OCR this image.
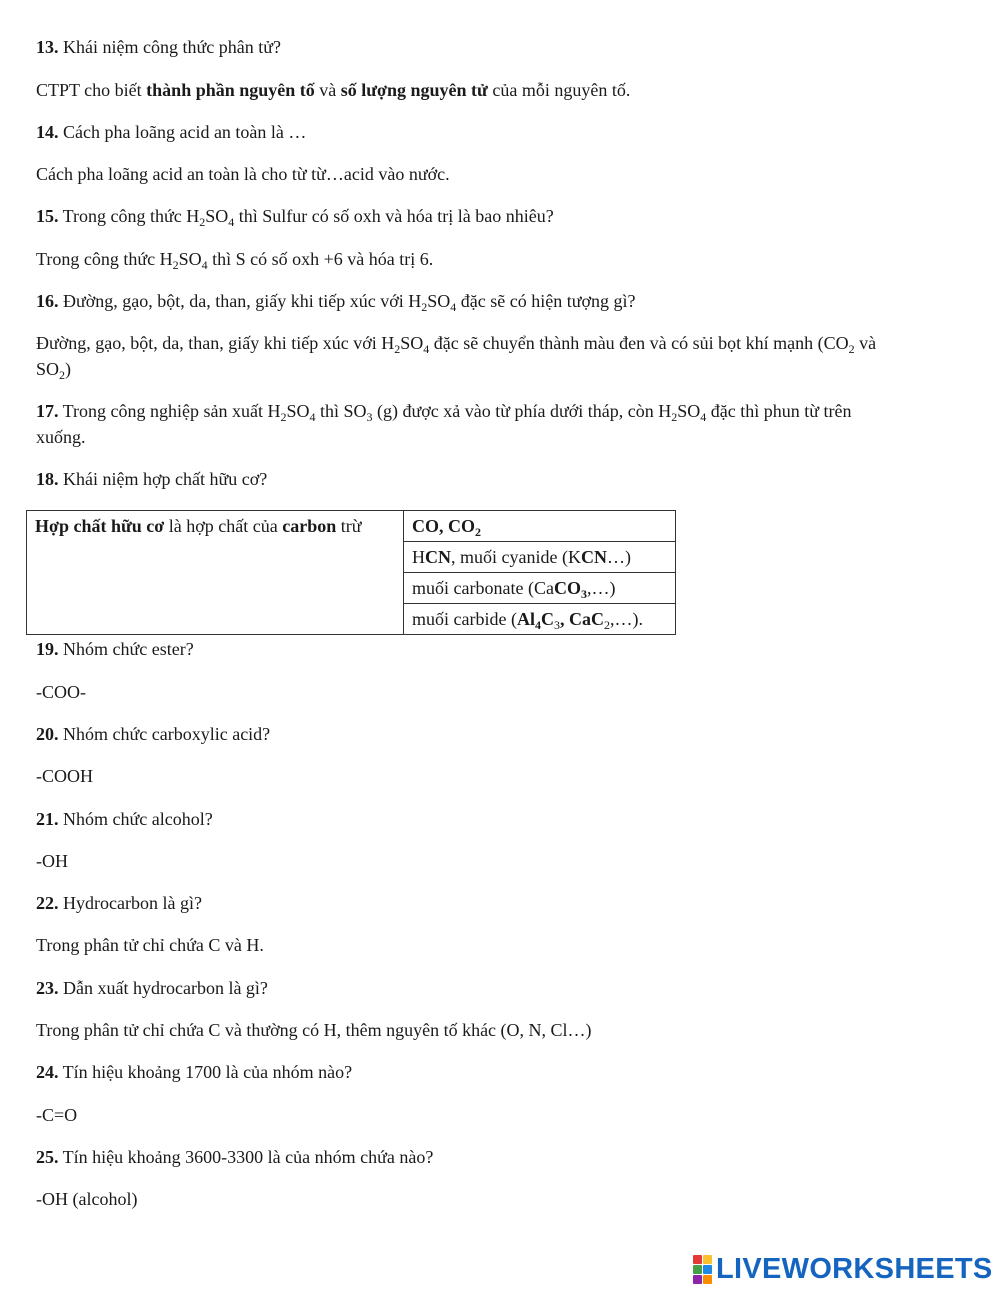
13. Khái niệm công thức phân tử?
CTPT cho biết thành phần nguyên tố và số lượng nguyên tử của mỗi nguyên tố.
14. Cách pha loãng acid an toàn là …
Cách pha loãng acid an toàn là cho từ từ…acid vào nước.
15. Trong công thức $H_2SO_4$ thì Sulfur có số oxh và hóa trị là bao nhiêu?
Trong công thức $H_2SO_4$ thì S có số oxh +6 và hóa trị 6.
16. Đường, gạo, bột, da, than, giấy khi tiếp xúc với $H_2SO_4$ đặc sẽ có hiện tượng gì?
Đường, gạo, bột, da, than, giấy khi tiếp xúc với $H_2SO_4$ đặc sẽ chuyển thành màu đen và có sủi bọt khí mạnh ($CO_2$ và
$SO_2$)
17. Trong công nghiệp sản xuất $H_2SO_4$ thì $SO_3$ (g) được xả vào từ phía dưới tháp, còn $H_2SO_4$ đặc thì phun từ trên
xuống.
18. Khái niệm hợp chất hữu cơ?
Hợp chất hữu cơ là hợp chất của carbon trừ	CO, $CO_2$
HCN, muối cyanide (KCN…)
muối carbonate (CaCO$_3$,…)
muối carbide ($Al_4C_3$, CaC$_2$,…).
19. Nhóm chức ester?
-COO-
20. Nhóm chức carboxylic acid?
-COOH
21. Nhóm chức alcohol?
-OH
22. Hydrocarbon là gì?
Trong phân tử chỉ chứa C và H.
23. Dẫn xuất hydrocarbon là gì?
Trong phân tử chỉ chứa C và thường có H, thêm nguyên tố khác (O, N, Cl…)
24. Tín hiệu khoảng 1700 là của nhóm nào?
-C=O
25. Tín hiệu khoảng 3600-3300 là của nhóm chứa nào?
-OH (alcohol)
LIVEWORKSHEETS
